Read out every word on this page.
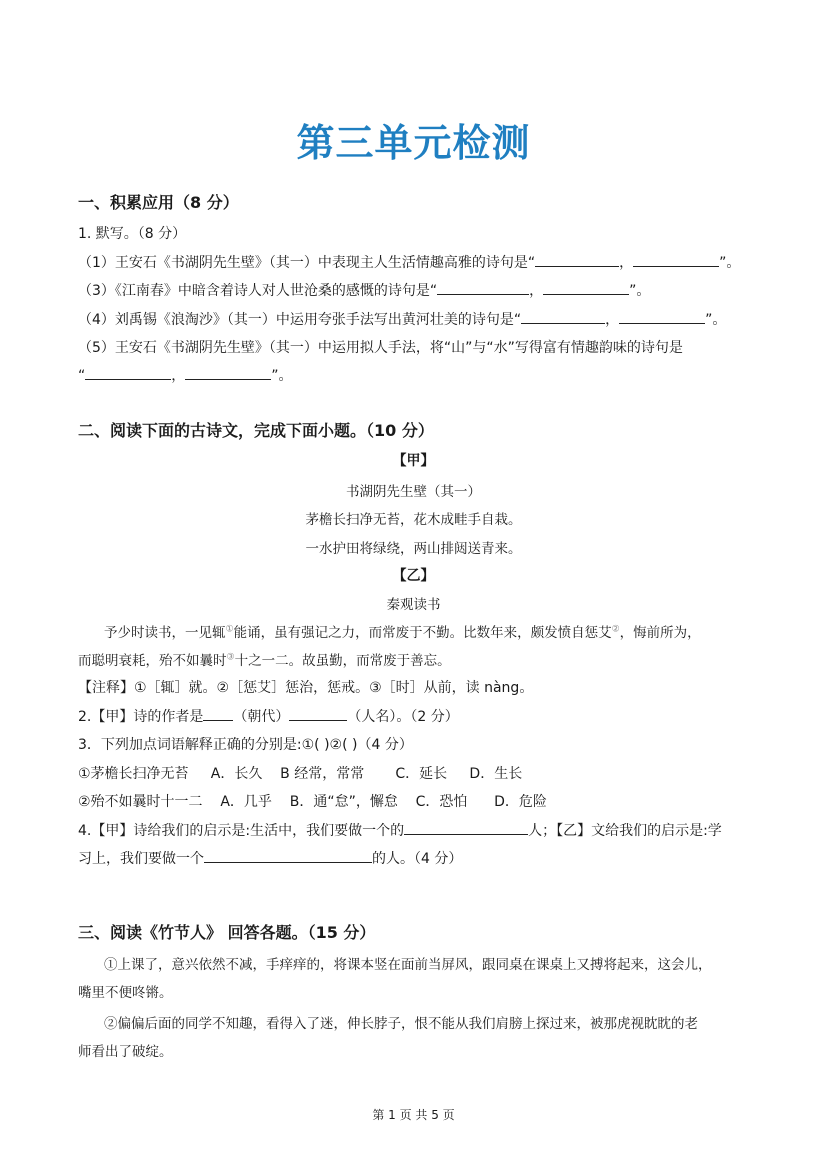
第三单元检测
一、积累应用（8 分）
1. 默写。（8 分）
（1）王安石《书湖阴先生壁》（其一）中表现主人生活情趣高雅的诗句是“	，	”。
（3）《江南春》中暗含着诗人对人世沧桑的感慨的诗句是“	，	”。
（4）刘禹锡《浪淘沙》（其一）中运用夸张手法写出黄河壮美的诗句是“	，	”。
（5）王安石《书湖阴先生壁》（其一）中运用拟人手法，将“山”与“水”写得富有情趣韵味的诗句是
“	，	”。
二、阅读下面的古诗文，完成下面小题。（10 分）
【甲】
书湖阴先生壁（其一）
茅檐长扫净无苔，花木成畦手自栽。
一水护田将绿绕，两山排闼送青来。
【乙】
秦观读书
予少时读书，一见辄①能诵，虽有强记之力，而常废于不勤。比数年来，颇发愤自惩艾②，悔前所为，
而聪明衰耗，殆不如曩时③十之一二。故虽勤，而常废于善忘。
【注释】①［辄］就。②［惩艾］惩治，惩戒。③［时］从前，读 nàng。
2.【甲】诗的作者是 （朝代）	（人名）。（2 分）
3．下列加点词语解释正确的分别是:①( )②( )（4 分）
①茅檐长扫净无苔     A．长久    B 经常，常常       C．延长     D．生长
②殆不如曩时十一二    A．几乎    B．通“怠”，懈怠    C．恐怕      D．危险
4.【甲】诗给我们的启示是:生活中，我们要做一个的	人；【乙】文给我们的启示是:学
习上，我们要做一个	的人。（4 分）
三、阅读《竹节人》 回答各题。（15 分）
①上课了，意兴依然不减，手痒痒的，将课本竖在面前当屏风，跟同桌在课桌上又搏将起来，这会儿，
嘴里不便咚锵。
②偏偏后面的同学不知趣，看得入了迷，伸长脖子，恨不能从我们肩膀上探过来，被那虎视眈眈的老
师看出了破绽。
第 1 页 共 5 页
